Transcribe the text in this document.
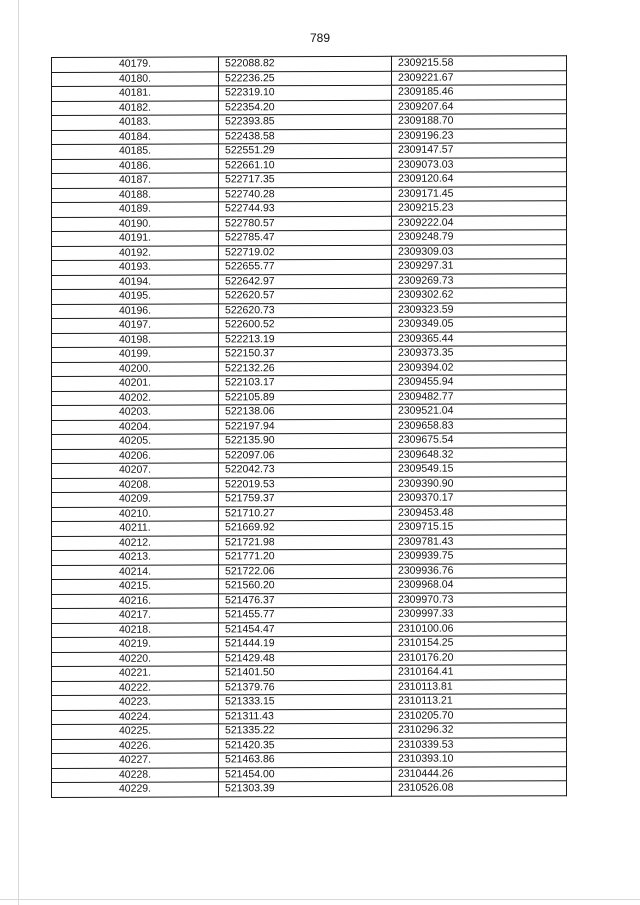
789
40179.	522088.82	2309215.58
40180.	522236.25	2309221.67
40181.	522319.10	2309185.46
40182.	522354.20	2309207.64
40183.	522393.85	2309188.70
40184.	522438.58	2309196.23
40185.	522551.29	2309147.57
40186.	522661.10	2309073.03
40187.	522717.35	2309120.64
40188.	522740.28	2309171.45
40189.	522744.93	2309215.23
40190.	522780.57	2309222.04
40191.	522785.47	2309248.79
40192.	522719.02	2309309.03
40193.	522655.77	2309297.31
40194.	522642.97	2309269.73
40195.	522620.57	2309302.62
40196.	522620.73	2309323.59
40197.	522600.52	2309349.05
40198.	522213.19	2309365.44
40199.	522150.37	2309373.35
40200.	522132.26	2309394.02
40201.	522103.17	2309455.94
40202.	522105.89	2309482.77
40203.	522138.06	2309521.04
40204.	522197.94	2309658.83
40205.	522135.90	2309675.54
40206.	522097.06	2309648.32
40207.	522042.73	2309549.15
40208.	522019.53	2309390.90
40209.	521759.37	2309370.17
40210.	521710.27	2309453.48
40211.	521669.92	2309715.15
40212.	521721.98	2309781.43
40213.	521771.20	2309939.75
40214.	521722.06	2309936.76
40215.	521560.20	2309968.04
40216.	521476.37	2309970.73
40217.	521455.77	2309997.33
40218.	521454.47	2310100.06
40219.	521444.19	2310154.25
40220.	521429.48	2310176.20
40221.	521401.50	2310164.41
40222.	521379.76	2310113.81
40223.	521333.15	2310113.21
40224.	521311.43	2310205.70
40225.	521335.22	2310296.32
40226.	521420.35	2310339.53
40227.	521463.86	2310393.10
40228.	521454.00	2310444.26
40229.	521303.39	2310526.08
